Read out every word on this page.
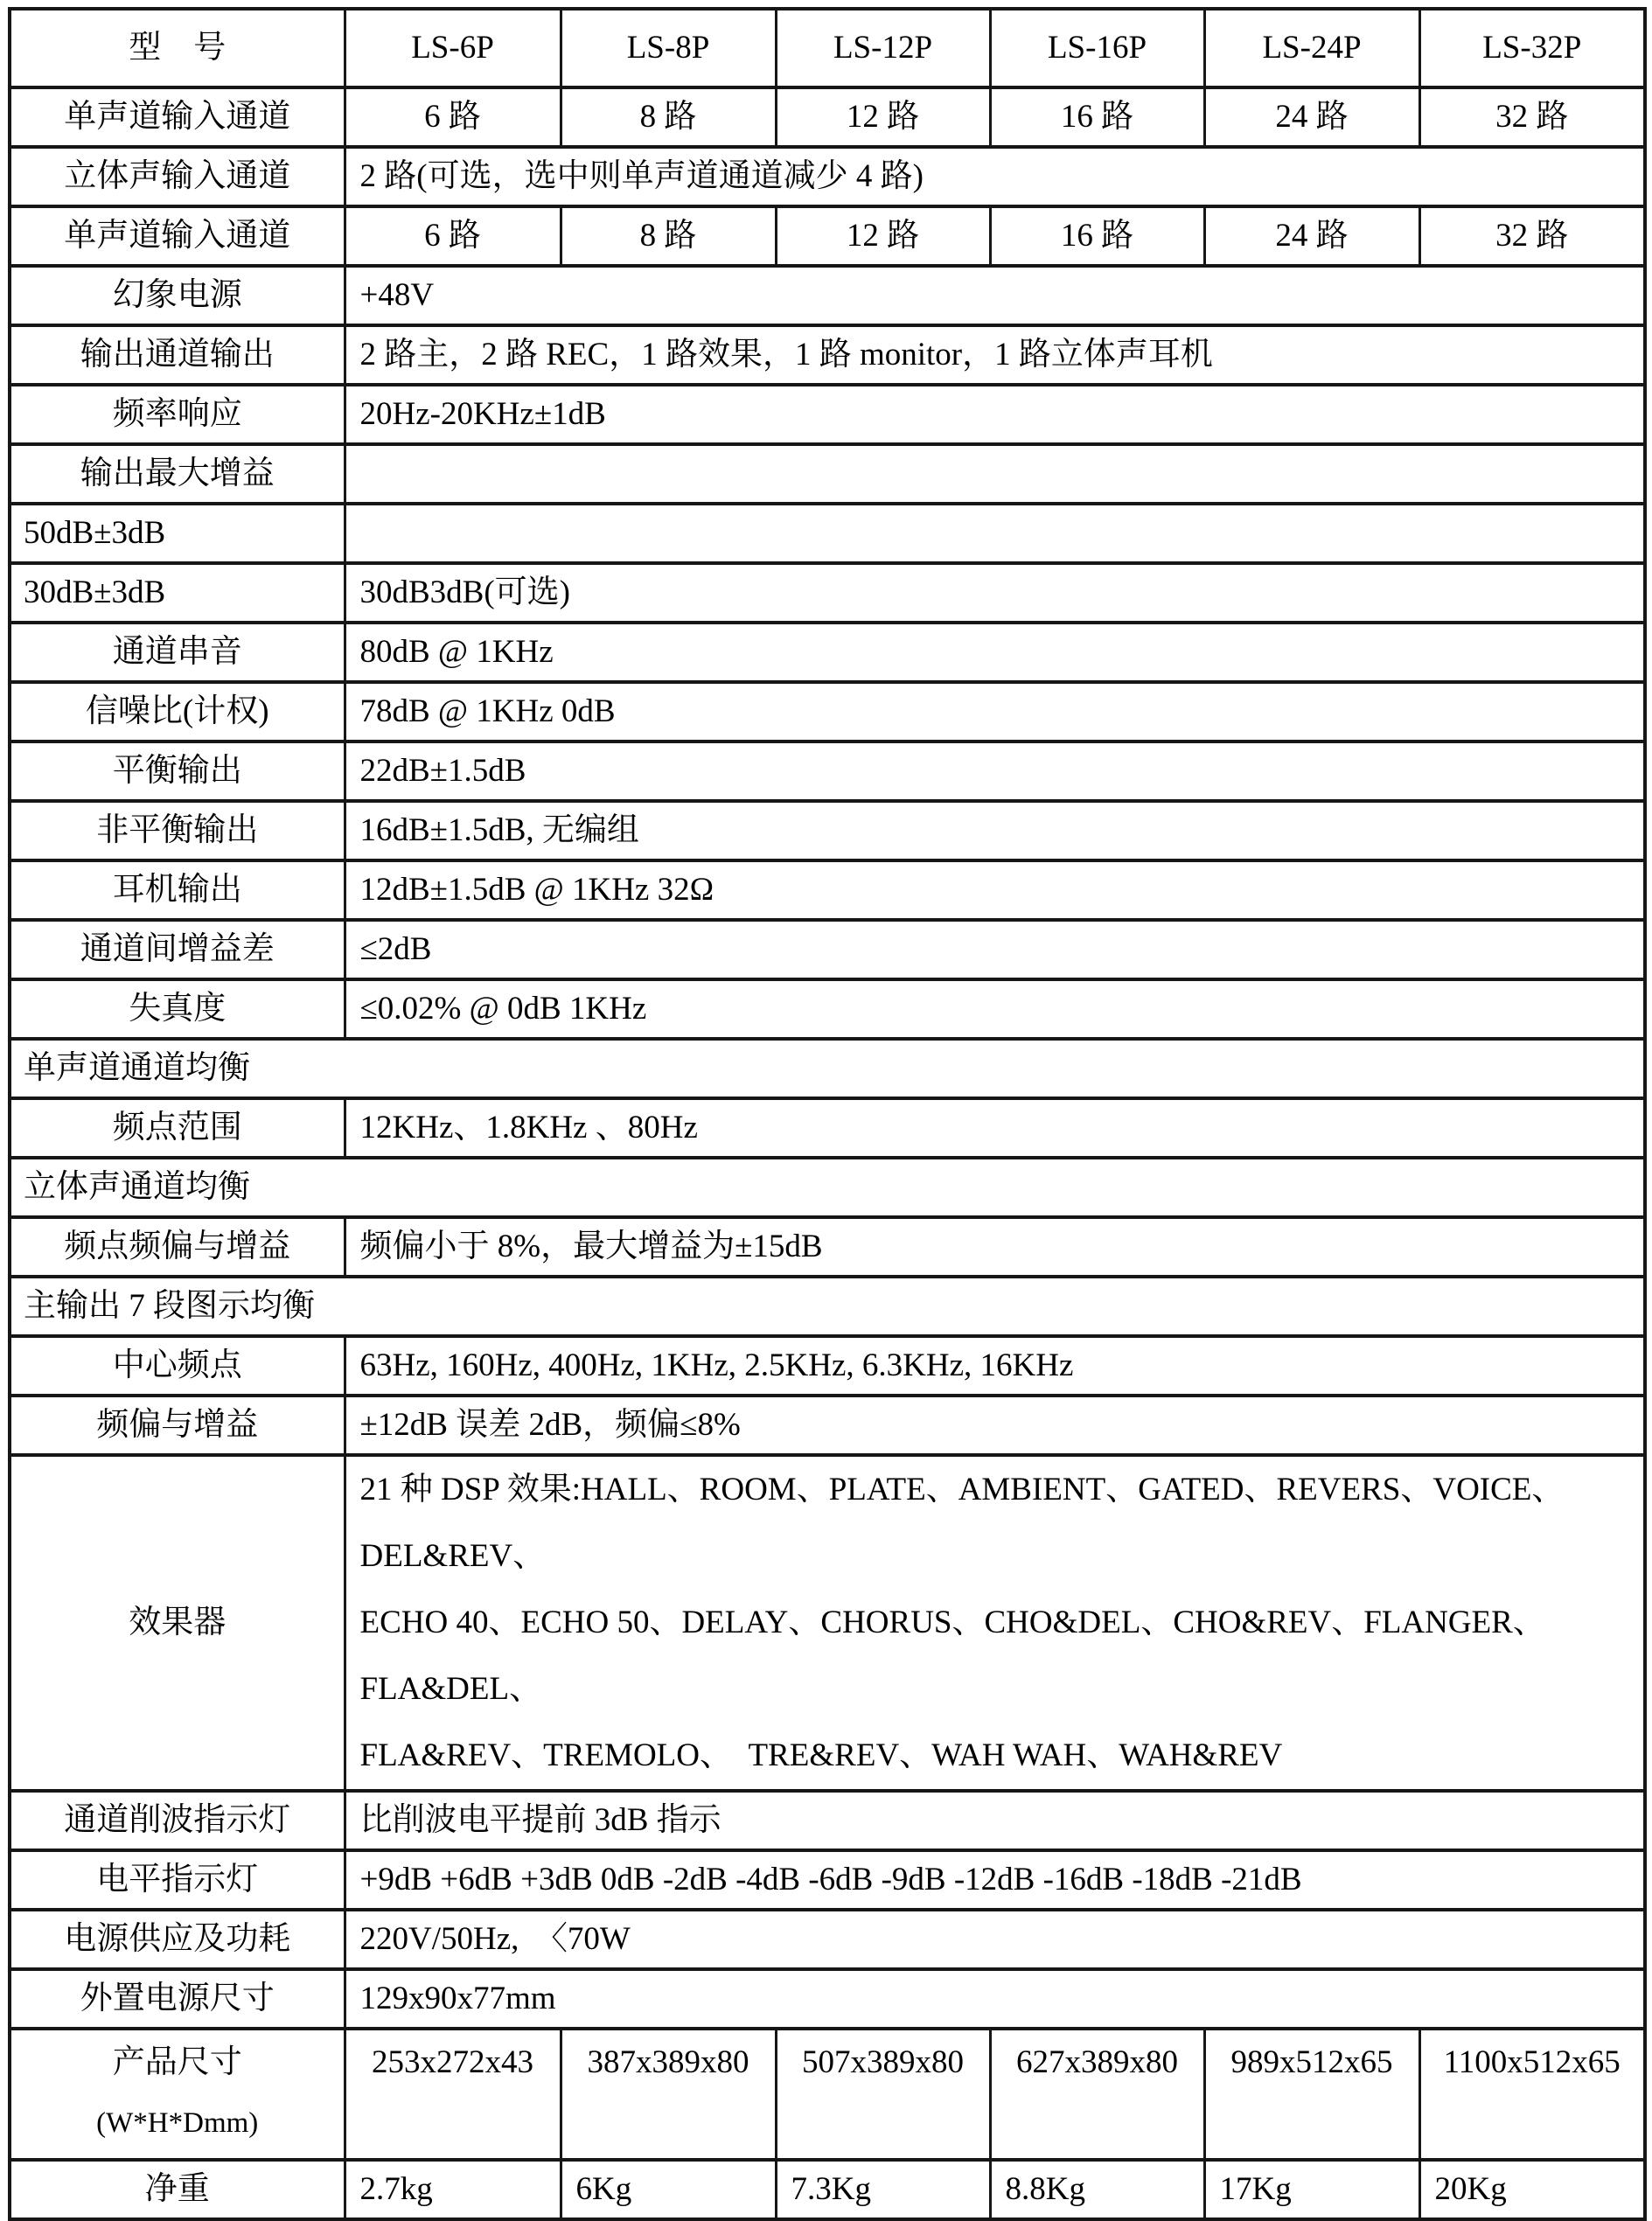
型　号	LS-6P	LS-8P	LS-12P	LS-16P	LS-24P	LS-32P
单声道输入通道	6 路	8 路	12 路	16 路	24 路	32 路
立体声输入通道	2 路(可选，选中则单声道通道减少 4 路)					
单声道输入通道	6 路	8 路	12 路	16 路	24 路	32 路
幻象电源	+48V					
输出通道输出	2 路主，2 路 REC，1 路效果，1 路 monitor，1 路立体声耳机					
频率响应	20Hz-20KHz±1dB					
输出最大增益						
50dB±3dB						
30dB±3dB	30dB3dB(可选)					
通道串音	80dB @ 1KHz					
信噪比(计权)	78dB @ 1KHz 0dB					
平衡输出	22dB±1.5dB					
非平衡输出	16dB±1.5dB, 无编组					
耳机输出	12dB±1.5dB @ 1KHz 32Ω					
通道间增益差	≤2dB					
失真度	≤0.02% @ 0dB 1KHz					
单声道通道均衡						
频点范围	12KHz、1.8KHz 、80Hz					
立体声通道均衡						
频点频偏与增益	频偏小于 8%，最大增益为±15dB					
主输出 7 段图示均衡						
中心频点	63Hz, 160Hz, 400Hz, 1KHz, 2.5KHz, 6.3KHz, 16KHz					
频偏与增益	±12dB 误差 2dB，频偏≤8%					
效果器	21 种 DSP 效果:HALL、ROOM、PLATE、AMBIENT、GATED、REVERS、VOICE、DEL&REV、
ECHO 40、ECHO 50、DELAY、CHORUS、CHO&DEL、CHO&REV、FLANGER、FLA&DEL、
FLA&REV、TREMOLO、　TRE&REV、WAH WAH、WAH&REV					

通道削波指示灯	比削波电平提前 3dB 指示					
电平指示灯	+9dB +6dB +3dB 0dB -2dB -4dB -6dB -9dB -12dB -16dB -18dB -21dB					
电源供应及功耗	220V/50Hz,　〈70W					
外置电源尺寸	129x90x77mm					

产品尺寸
(W*H*Dmm)	253x272x43	387x389x80	507x389x80	627x389x80	989x512x65	1100x512x65
净重	2.7kg	6Kg	7.3Kg	8.8Kg	17Kg	20Kg
